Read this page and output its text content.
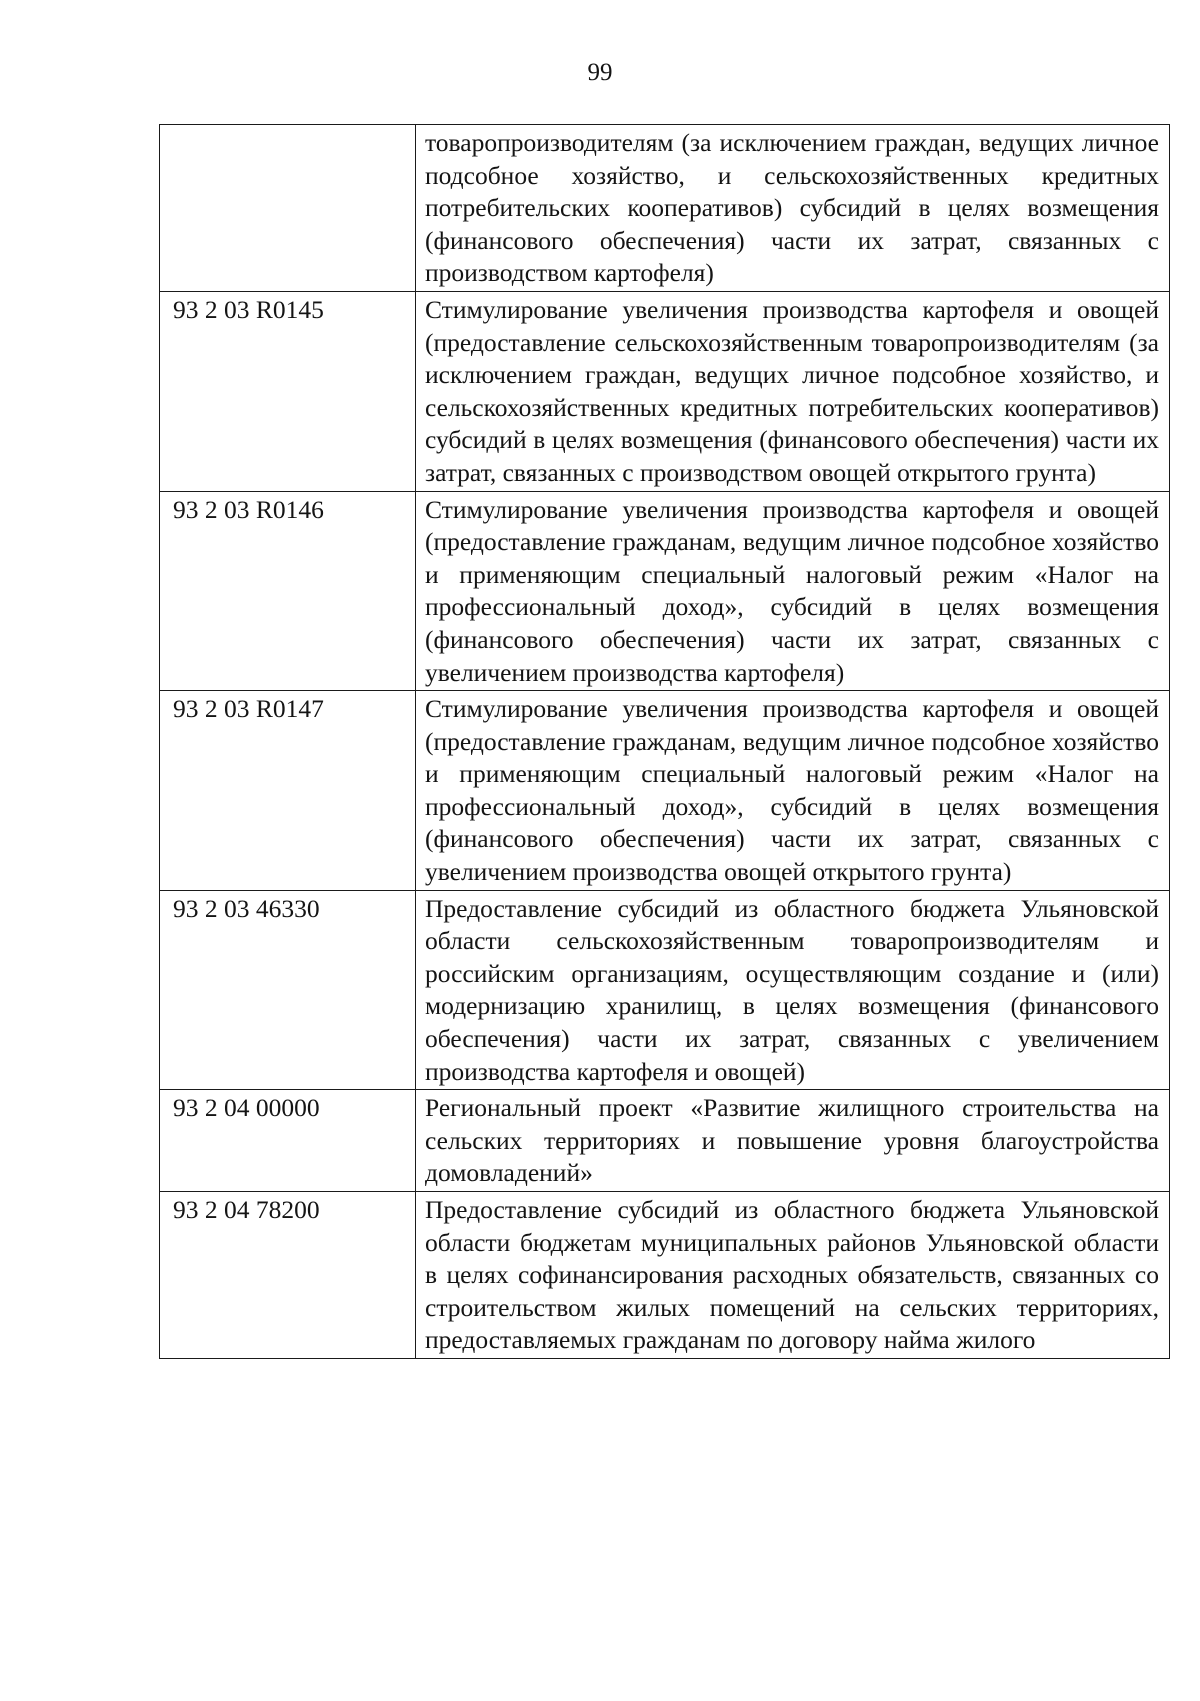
99
	товаропроизводителям (за исключением граждан, ведущих личное подсобное хозяйство, и сельскохозяйственных кредитных потребительских кооперативов) субсидий в целях возмещения (финансового обеспечения) части их затрат, связанных с производством картофеля)
93 2 03 R0145	Стимулирование увеличения производства картофеля и овощей (предоставление сельскохозяйственным товаропроизводителям (за исключением граждан, ведущих личное подсобное хозяйство, и сельскохозяйственных кредитных потребительских кооперативов) субсидий в целях возмещения (финансового обеспечения) части их затрат, связанных с производством овощей открытого грунта)
93 2 03 R0146	Стимулирование увеличения производства картофеля и овощей (предоставление гражданам, ведущим личное подсобное хозяйство и применяющим специальный налоговый режим «Налог на профессиональный доход», субсидий в целях возмещения (финансового обеспечения) части их затрат, связанных с увеличением производства картофеля)
93 2 03 R0147	Стимулирование увеличения производства картофеля и овощей (предоставление гражданам, ведущим личное подсобное хозяйство и применяющим специальный налоговый режим «Налог на профессиональный доход», субсидий в целях возмещения (финансового обеспечения) части их затрат, связанных с увеличением производства овощей открытого грунта)
93 2 03 46330	Предоставление субсидий из областного бюджета Ульяновской области сельскохозяйственным товаропроизводителям и российским организациям, осуществляющим создание и (или) модернизацию хранилищ, в целях возмещения (финансового обеспечения) части их затрат, связанных с увеличением производства картофеля и овощей)
93 2 04 00000	Региональный проект «Развитие жилищного строительства на сельских территориях и повышение уровня благоустройства домовладений»
93 2 04 78200	Предоставление субсидий из областного бюджета Ульяновской области бюджетам муниципальных районов Ульяновской области в целях софинансирования расходных обязательств, связанных со строительством жилых помещений на сельских территориях, предоставляемых гражданам по договору найма жилого
